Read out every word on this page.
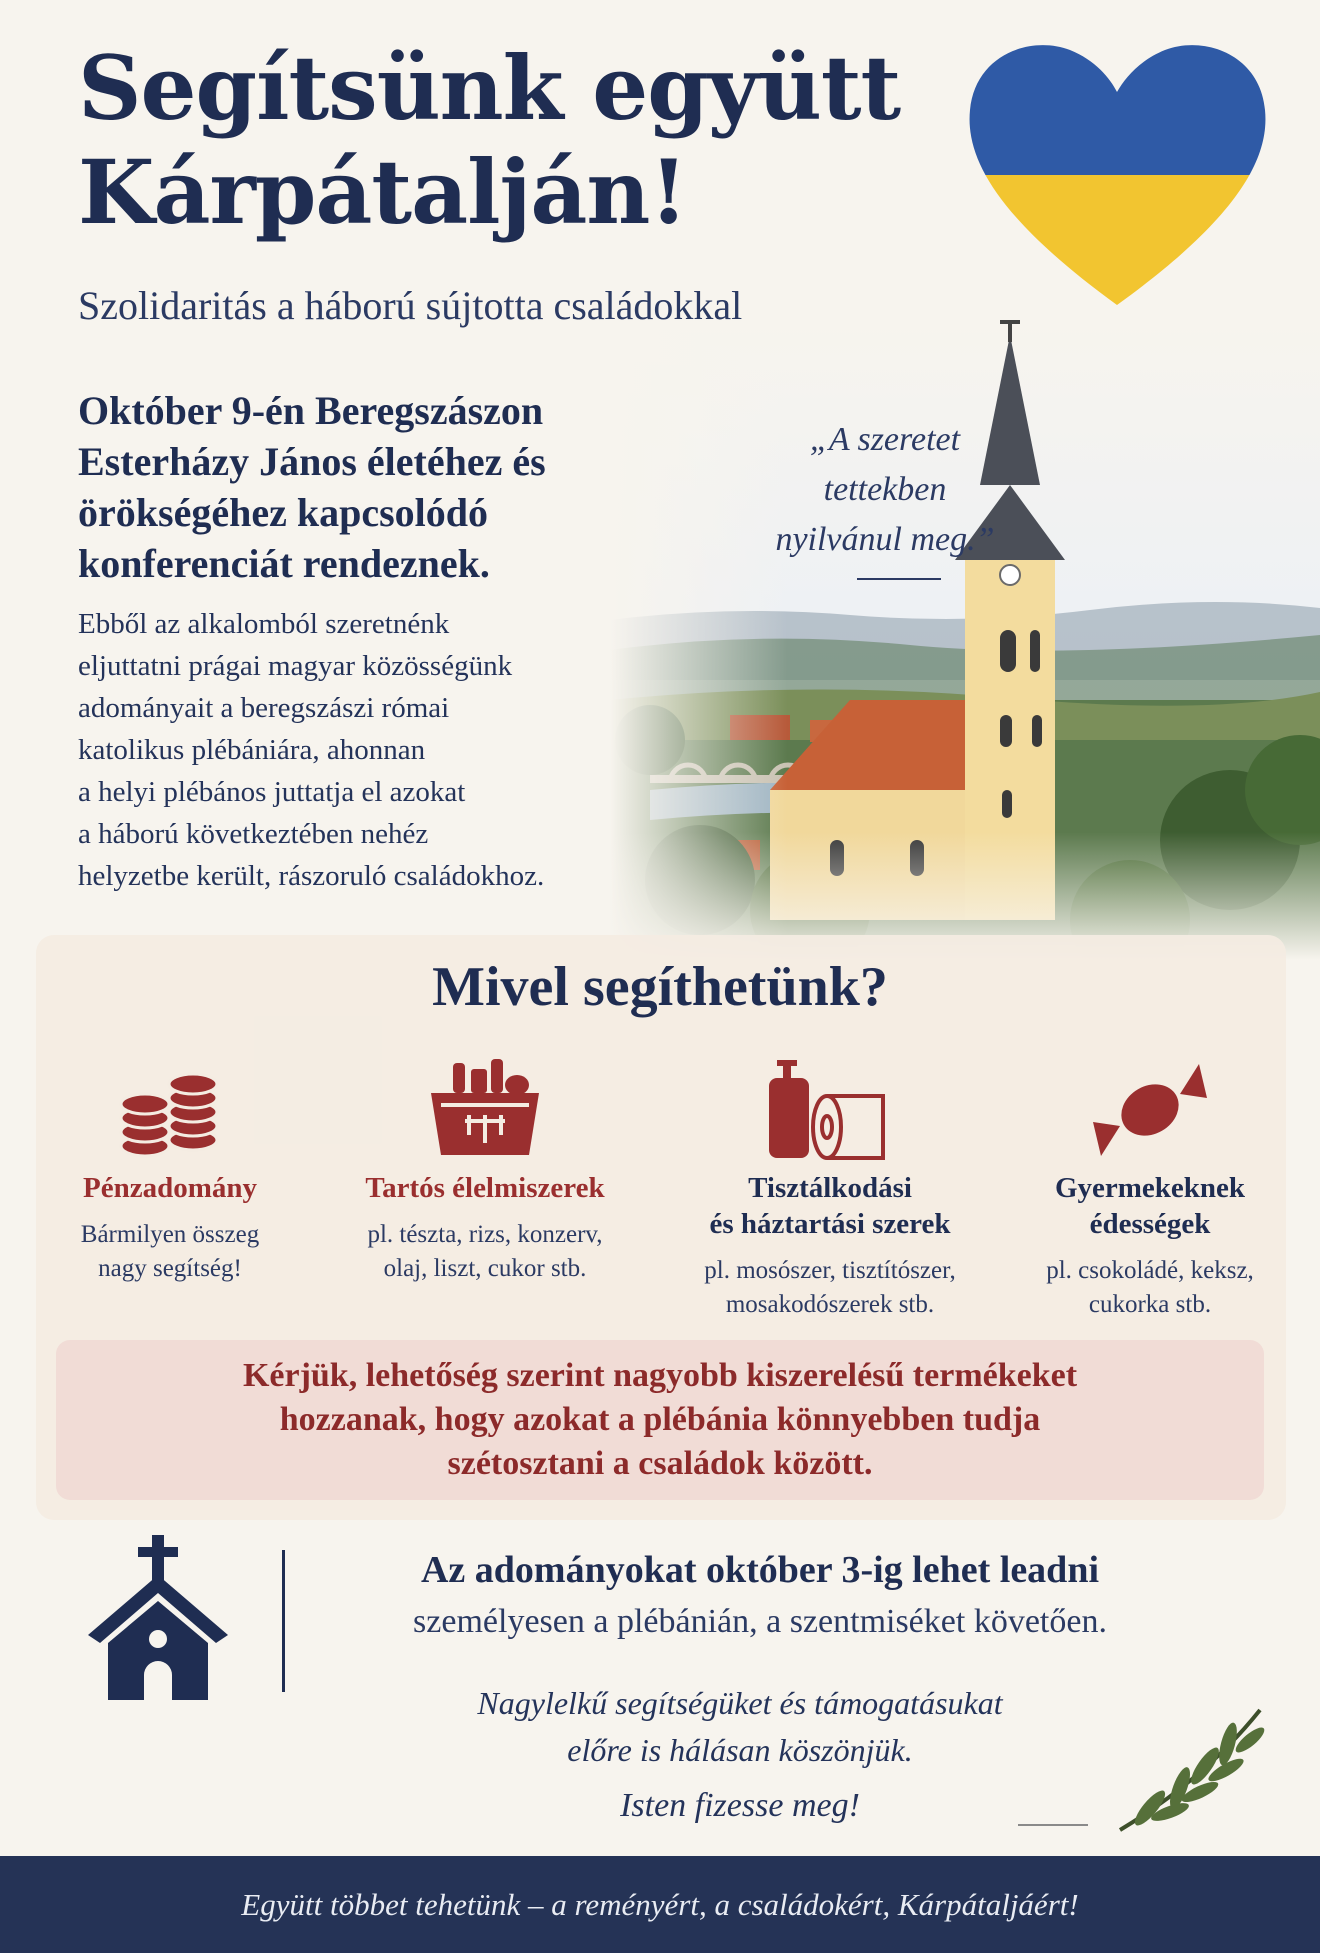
Segítsünk együtt Kárpátalján!
Szolidaritás a háború sújtotta családokkal
Október 9-én Beregszászon Esterházy János életéhez és örökségéhez kapcsolódó konferenciát rendeznek.
Ebből az alkalomból szeretnénk
eljuttatni prágai magyar közösségünk
adományait a beregszászi római
katolikus plébániára, ahonnan
a helyi plébános juttatja el azokat
a háború következtében nehéz
helyzetbe került, rászoruló családokhoz.
„A szeretet
tettekben
nyilvánul meg.”
Mivel segíthetünk?
Pénzadomány
Bármilyen összeg
nagy segítség!
Tartós élelmiszerek
pl. tészta, rizs, konzerv,
olaj, liszt, cukor stb.
Tisztálkodási
és háztartási szerek
pl. mosószer, tisztítószer,
mosakodószerek stb.
Gyermekeknek
édességek
pl. csokoládé, keksz,
cukorka stb.
Kérjük, lehetőség szerint nagyobb kiszerelésű termékeket
hozzanak, hogy azokat a plébánia könnyebben tudja
szétosztani a családok között.
Az adományokat október 3-ig lehet leadni
személyesen a plébánián, a szentmiséket követően.
Nagylelkű segítségüket és támogatásukat
előre is hálásan köszönjük.
Isten fizesse meg!
Együtt többet tehetünk – a reményért, a családokért, Kárpátaljáért!
